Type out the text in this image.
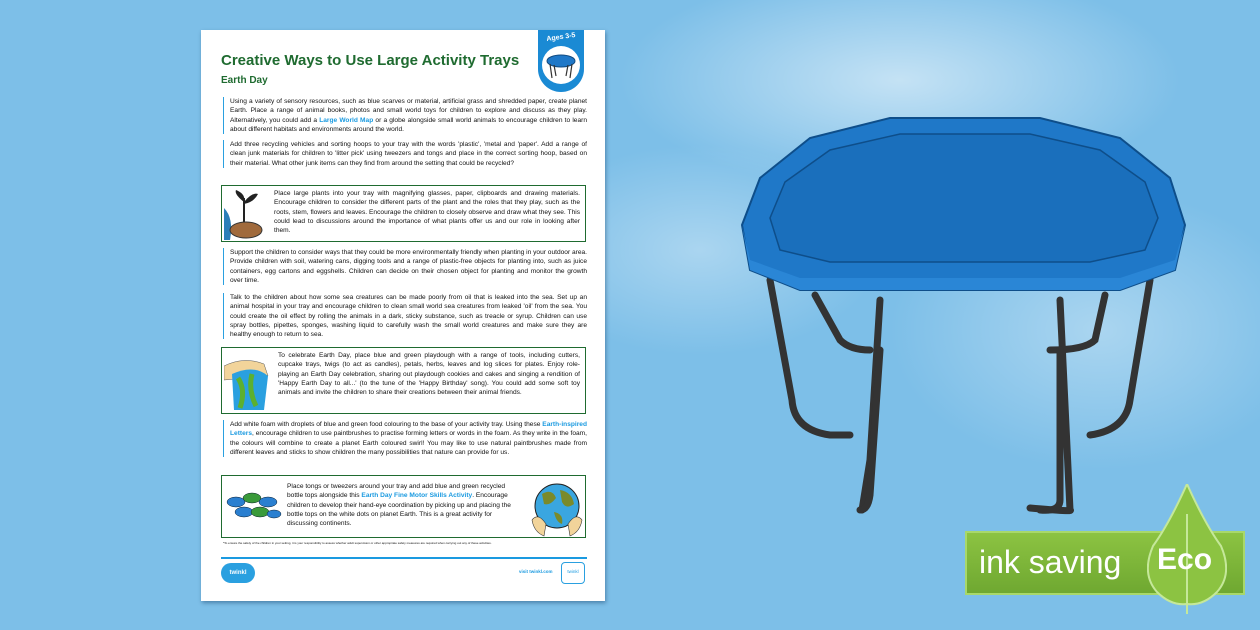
Creative Ways to Use Large Activity Trays
Earth Day
Ages 3-5
Using a variety of sensory resources, such as blue scarves or material, artificial grass and shredded paper, create planet Earth. Place a range of animal books, photos and small world toys for children to explore and discuss as they play. Alternatively, you could add a Large World Map or a globe alongside small world animals to encourage children to learn about different habitats and environments around the world.
Add three recycling vehicles and sorting hoops to your tray with the words 'plastic', 'metal and 'paper'. Add a range of clean junk materials for children to 'litter pick' using tweezers and tongs and place in the correct sorting hoop, based on their material. What other junk items can they find from around the setting that could be recycled?
Place large plants into your tray with magnifying glasses, paper, clipboards and drawing materials. Encourage children to consider the different parts of the plant and the roles that they play, such as the roots, stem, flowers and leaves. Encourage the children to closely observe and draw what they see. This could lead to discussions around the importance of what plants offer us and our role in looking after them.
Support the children to consider ways that they could be more environmentally friendly when planting in your outdoor area. Provide children with soil, watering cans, digging tools and a range of plastic-free objects for planting into, such as juice containers, egg cartons and eggshells. Children can decide on their chosen object for planting and monitor the growth over time.
Talk to the children about how some sea creatures can be made poorly from oil that is leaked into the sea. Set up an animal hospital in your tray and encourage children to clean small world sea creatures from leaked 'oil' from the sea. You could create the oil effect by rolling the animals in a dark, sticky substance, such as treacle or syrup. Children can use spray bottles, pipettes, sponges, washing liquid to carefully wash the small world creatures and make sure they are healthy enough to return to sea.
To celebrate Earth Day, place blue and green playdough with a range of tools, including cutters, cupcake trays, twigs (to act as candles), petals, herbs, leaves and log slices for plates. Enjoy role-playing an Earth Day celebration, sharing out playdough cookies and cakes and singing a rendition of 'Happy Earth Day to all...' (to the tune of the 'Happy Birthday' song). You could add some soft toy animals and invite the children to share their creations between their animal friends.
Add white foam with droplets of blue and green food colouring to the base of your activity tray. Using these Earth-inspired Letters, encourage children to use paintbrushes to practise forming letters or words in the foam. As they write in the foam, the colours will combine to create a planet Earth coloured swirl! You may like to use natural paintbrushes made from different leaves and sticks to show children the many possibilities that nature can provide for us.
Place tongs or tweezers around your tray and add blue and green recycled bottle tops alongside this Earth Day Fine Motor Skills Activity. Encourage children to develop their hand-eye coordination by picking up and placing the bottle tops on the white dots on planet Earth. This is a great activity for discussing continents.
*To ensure the safety of the children in your setting, it is your responsibility to assess whether adult supervision or other appropriate safety measures are required when carrying out any of these activities.
twinkl	visit twinkl.com	twinkl	ink saving Eco
